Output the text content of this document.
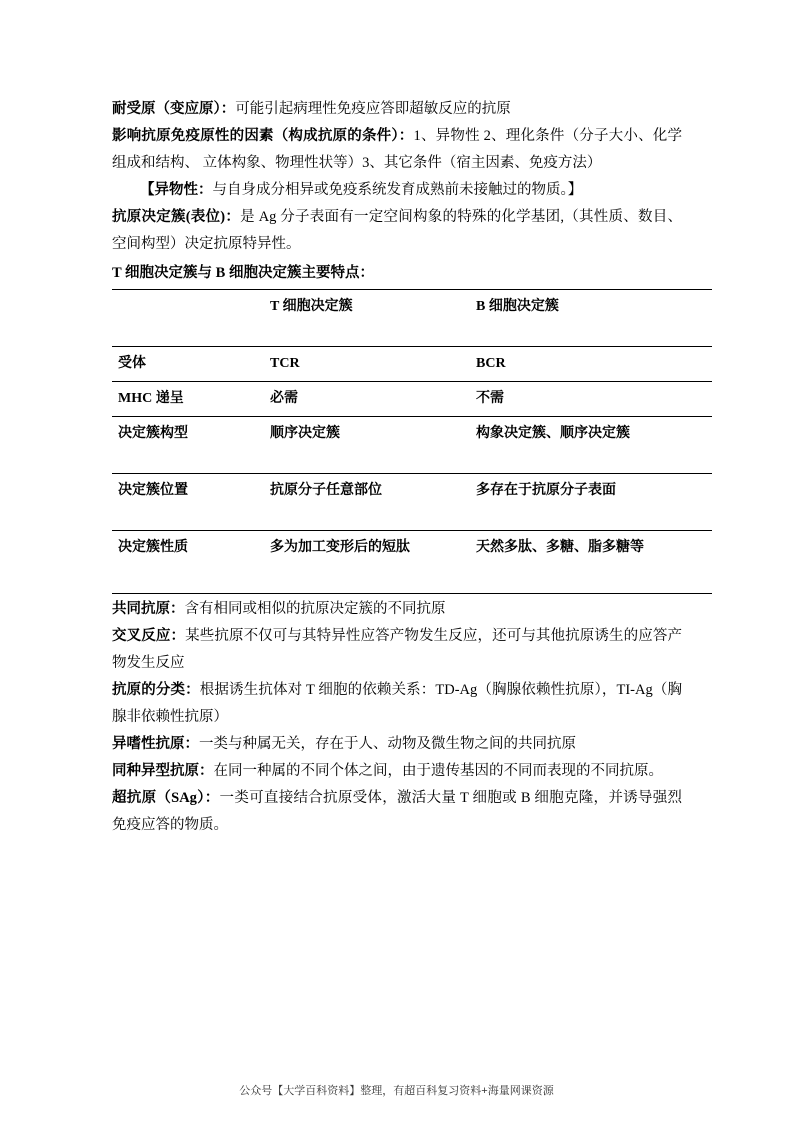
耐受原（变应原）：可能引起病理性免疫应答即超敏反应的抗原

影响抗原免疫原性的因素（构成抗原的条件）：1、异物性 2、理化条件（分子大小、化学组成和结构、 立体构象、物理性状等）3、其它条件（宿主因素、免疫方法）

【异物性：与自身成分相异或免疫系统发育成熟前未接触过的物质。】

抗原决定簇(表位)：是 Ag 分子表面有一定空间构象的特殊的化学基团,（其性质、数目、空间构型）决定抗原特异性。

T 细胞决定簇与 B 细胞决定簇主要特点：
	T 细胞决定簇	B 细胞决定簇
受体	TCR	BCR
MHC 递呈	必需	不需
决定簇构型	顺序决定簇	构象决定簇、顺序决定簇
决定簇位置	抗原分子任意部位	多存在于抗原分子表面
决定簇性质	多为加工变形后的短肽	天然多肽、多糖、脂多糖等

共同抗原：含有相同或相似的抗原决定簇的不同抗原

交叉反应：某些抗原不仅可与其特异性应答产物发生反应，还可与其他抗原诱生的应答产物发生反应

抗原的分类：根据诱生抗体对 T 细胞的依赖关系：TD-Ag（胸腺依赖性抗原），TI-Ag（胸腺非依赖性抗原）

异嗜性抗原：一类与种属无关，存在于人、动物及微生物之间的共同抗原

同种异型抗原：在同一种属的不同个体之间，由于遗传基因的不同而表现的不同抗原。

超抗原（SAg）：一类可直接结合抗原受体，激活大量 T 细胞或 B 细胞克隆，并诱导强烈免疫应答的物质。

公众号【大学百科资料】整理，有超百科复习资料+海量网课资源
